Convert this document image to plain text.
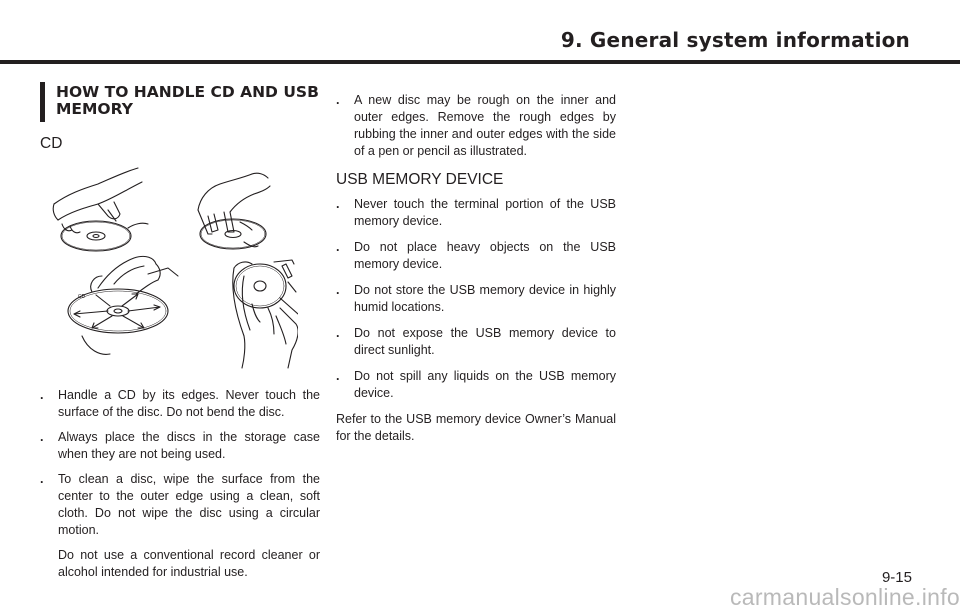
9. General system information
HOW TO HANDLE CD AND USB MEMORY
CD
CD
. Handle a CD by its edges. Never touch the surface of the disc. Do not bend the disc.
. Always place the discs in the storage case when they are not being used.
. To clean a disc, wipe the surface from the center to the outer edge using a clean, soft cloth. Do not wipe the disc using a circular motion.

Do not use a conventional record cleaner or alcohol intended for industrial use.

. A new disc may be rough on the inner and outer edges. Remove the rough edges by rubbing the inner and outer edges with the side of a pen or pencil as illustrated.
USB MEMORY DEVICE
. Never touch the terminal portion of the USB memory device.
. Do not place heavy objects on the USB memory device.
. Do not store the USB memory device in highly humid locations.
. Do not expose the USB memory device to direct sunlight.
. Do not spill any liquids on the USB memory device.

Refer to the USB memory device Owner’s Manual for the details.

9-15
carmanualsonline.info
